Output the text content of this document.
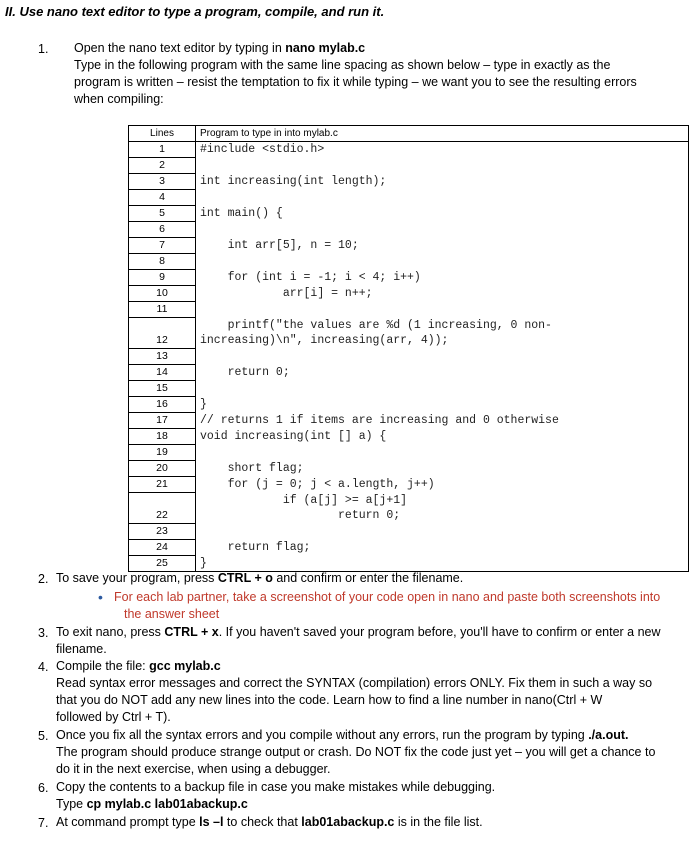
II. Use nano text editor to type a program, compile, and run it.
1. Open the nano text editor by typing in nano mylab.c
Type in the following program with the same line spacing as shown below – type in exactly as the
program is written – resist the temptation to fix it while typing – we want you to see the resulting errors
when compiling:
Lines	Program to type in into mylab.c
1	#include <stdio.h>
2	
3	int increasing(int length);
4	
5	int main() {
6	
7	int arr[5], n = 10;
8	
9	for (int i = -1; i < 4; i++)
10	arr[i] = n++;
11	
12	printf("the values are %d (1 increasing, 0 non-
increasing)\n", increasing(arr, 4));
13	
14	return 0;
15	
16	}
17	// returns 1 if items are increasing and 0 otherwise
18	void increasing(int [] a) {
19	
20	short flag;
21	for (j = 0; j < a.length, j++)
22	if (a[j] >= a[j+1]
return 0;
23	
24	return flag;
25	}
2. To save your program, press CTRL + o and confirm or enter the filename.
• For each lab partner, take a screenshot of your code open in nano and paste both screenshots into
the answer sheet
3. To exit nano, press CTRL + x. If you haven't saved your program before, you'll have to confirm or enter a new
filename.
4. Compile the file: gcc mylab.c
Read syntax error messages and correct the SYNTAX (compilation) errors ONLY. Fix them in such a way so
that you do NOT add any new lines into the code. Learn how to find a line number in nano(Ctrl + W
followed by Ctrl + T).
5. Once you fix all the syntax errors and you compile without any errors, run the program by typing ./a.out.
The program should produce strange output or crash. Do NOT fix the code just yet – you will get a chance to
do it in the next exercise, when using a debugger.
6. Copy the contents to a backup file in case you make mistakes while debugging.
Type cp mylab.c lab01abackup.c
7. At command prompt type ls –l to check that lab01abackup.c is in the file list.
